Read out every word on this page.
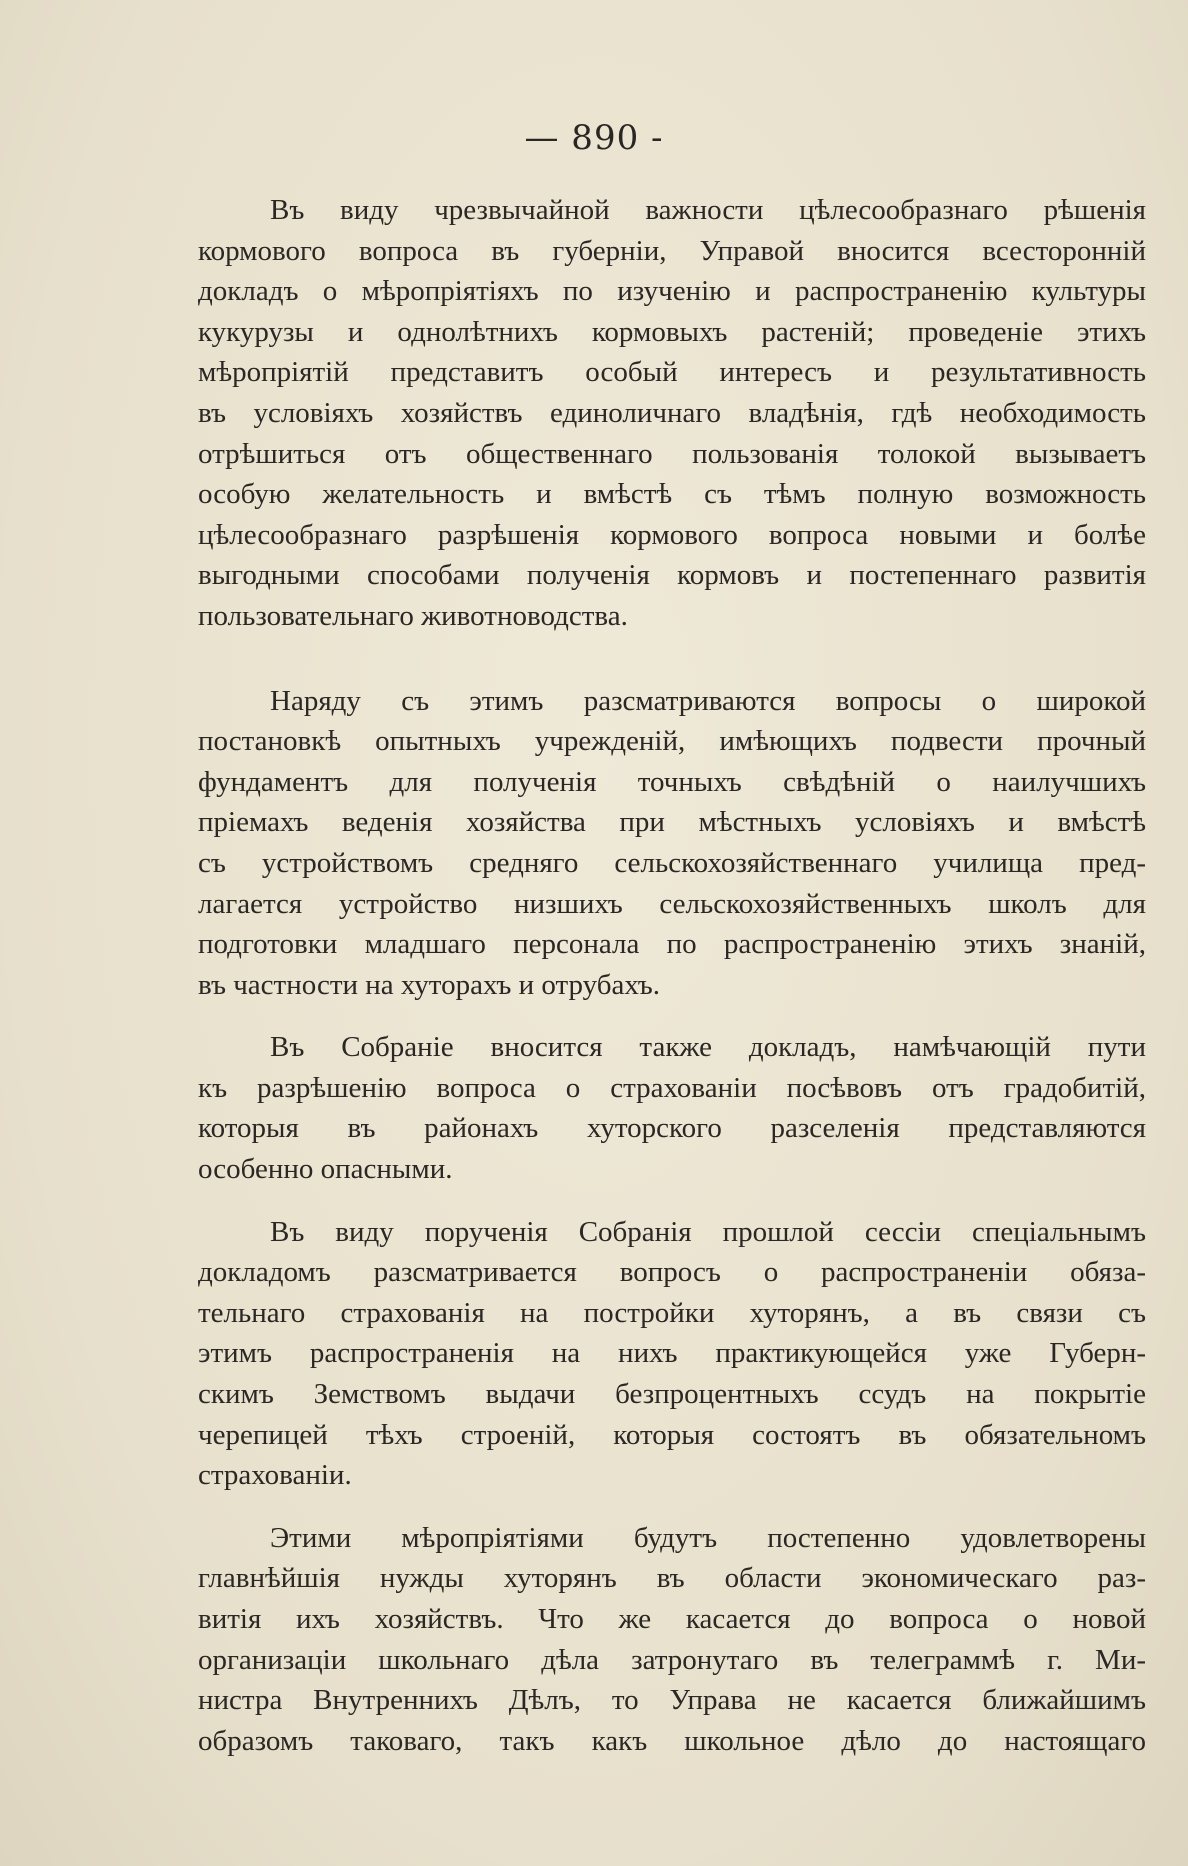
— 890 -
Въ виду чрезвычайной важности цѣлесообразнаго рѣшенія
кормового вопроса въ губерніи, Управой вносится всесторонній
докладъ о мѣропріятіяхъ по изученію и распространенію культуры
кукурузы и однолѣтнихъ кормовыхъ растеній; проведеніе этихъ
мѣропріятій представитъ особый интересъ и результативность
въ условіяхъ хозяйствъ единоличнаго владѣнія, гдѣ необходимость
отрѣшиться отъ общественнаго пользованія толокой вызываетъ
особую желательность и вмѣстѣ съ тѣмъ полную возможность
цѣлесообразнаго разрѣшенія кормового вопроса новыми и болѣе
выгодными способами полученія кормовъ и постепеннаго развитія
пользовательнаго животноводства.
Наряду съ этимъ разсматриваются вопросы о широкой
постановкѣ опытныхъ учрежденій, имѣющихъ подвести прочный
фундаментъ для полученія точныхъ свѣдѣній о наилучшихъ
пріемахъ веденія хозяйства при мѣстныхъ условіяхъ и вмѣстѣ
съ устройствомъ средняго сельскохозяйственнаго училища пред-
лагается устройство низшихъ сельскохозяйственныхъ школъ для
подготовки младшаго персонала по распространенію этихъ знаній,
въ частности на хуторахъ и отрубахъ.
Въ Собраніе вносится также докладъ, намѣчающій пути
къ разрѣшенію вопроса о страхованіи посѣвовъ отъ градобитій,
которыя въ районахъ хуторского разселенія представляются
особенно опасными.
Въ виду порученія Собранія прошлой сессіи спеціальнымъ
докладомъ разсматривается вопросъ о распространеніи обяза-
тельнаго страхованія на постройки хуторянъ, а въ связи съ
этимъ распространенія на нихъ практикующейся уже Губерн-
скимъ Земствомъ выдачи безпроцентныхъ ссудъ на покрытіе
черепицей тѣхъ строеній, которыя состоятъ въ обязательномъ
страхованіи.
Этими мѣропріятіями будутъ постепенно удовлетворены
главнѣйшія нужды хуторянъ въ области экономическаго раз-
витія ихъ хозяйствъ. Что же касается до вопроса о новой
организаціи школьнаго дѣла затронутаго въ телеграммѣ г. Ми-
нистра Внутреннихъ Дѣлъ, то Управа не касается ближайшимъ
образомъ таковаго, такъ какъ школьное дѣло до настоящаго
